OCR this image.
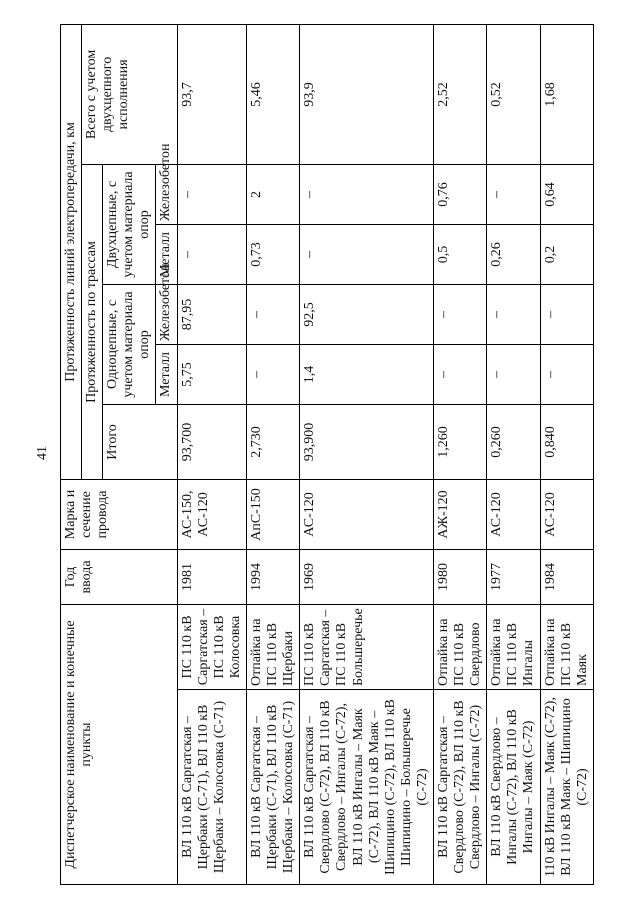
41
Диспетчерское наименование и конечные пункты		Год ввода	Марка и сечение провода	Протяженность линий электропередачи, км					
				Протяженность по трассам					Всего с учетом двухцепного исполнения
				Итого	Одноцепные, с учетом материала опор		Двухцепные, с учетом материала опор		
					Металл	Железобетон	Металл	Железобетон	
ВЛ 110 кВ Саргатская – Щербаки (С-71), ВЛ 110 кВ Щербаки – Колосовка (С-71)	ПС 110 кВ Саргатская – ПС 110 кВ Колосовка	1981	АС-150, АС-120	93,700	5,75	87,95	–	–	93,7
ВЛ 110 кВ Саргатская – Щербаки (С-71), ВЛ 110 кВ Щербаки – Колосовка (С-71)	Отпайка на ПС 110 кВ Щербаки	1994	АпС-150	2,730	–	–	0,73	2	5,46
ВЛ 110 кВ Саргатская – Свердлово (С-72), ВЛ 110 кВ Свердлово – Ингалы (С-72), ВЛ 110 кВ Ингалы – Маяк (С-72), ВЛ 110 кВ Маяк – Шипицино (С-72), ВЛ 110 кВ Шипицино – Большеречье (С-72)	ПС 110 кВ Саргатская – ПС 110 кВ Большеречье	1969	АС-120	93,900	1,4	92,5	–	–	93,9
ВЛ 110 кВ Саргатская – Свердлово (С-72), ВЛ 110 кВ Свердлово – Ингалы (С-72)	Отпайка на ПС 110 кВ Свердлово	1980	АЖ-120	1,260	–	–	0,5	0,76	2,52
ВЛ 110 кВ Свердлово – Ингалы (С-72), ВЛ 110 кВ Ингалы – Маяк (С-72)	Отпайка на ПС 110 кВ Ингалы	1977	АС-120	0,260	–	–	0,26	–	0,52
110 кВ Ингалы – Маяк (С-72), ВЛ 110 кВ Маяк – Шипицино (С-72)	Отпайка на ПС 110 кВ Маяк	1984	АС-120	0,840	–	–	0,2	0,64	1,68
